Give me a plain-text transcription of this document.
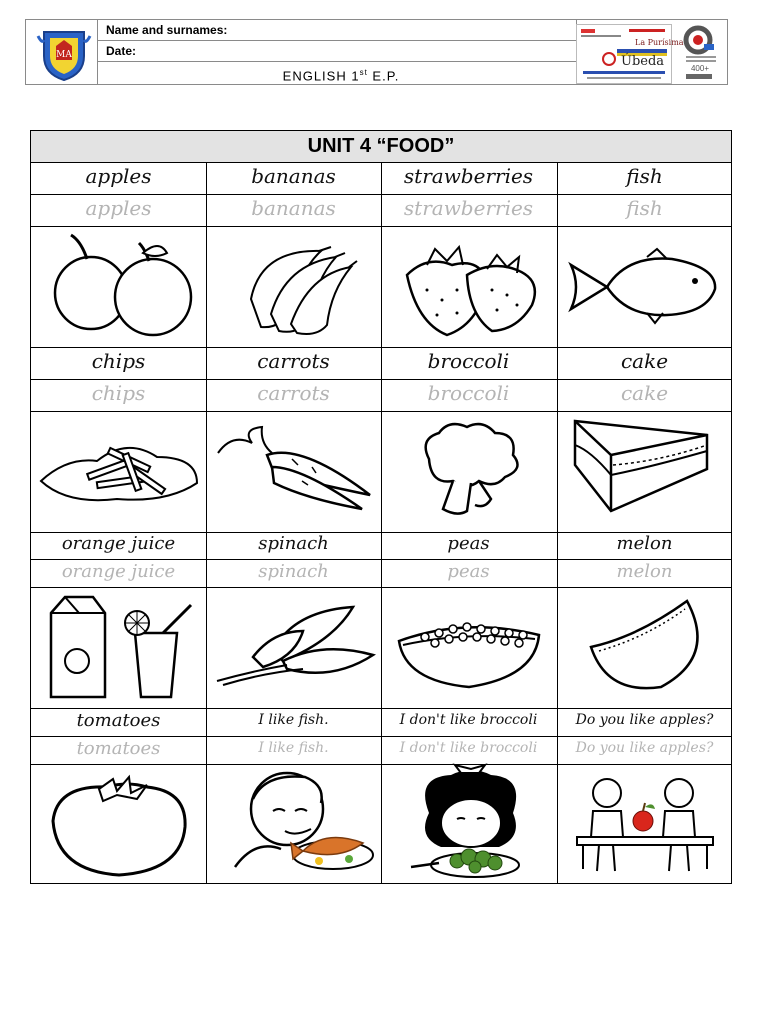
MA
Name and surnames:
Date:
ENGLISH 1st E.P.
La Purísima
Úbeda	400+
UNIT 4 “FOOD”
apples	bananas	strawberries	fish
apples	bananas	strawberries	fish
chips	carrots	broccoli	cake
chips	carrots	broccoli	cake
orange juice	spinach	peas	melon
orange juice	spinach	peas	melon
tomatoes	I like fish.	I don't like broccoli	Do you like apples?
tomatoes	I like fish.	I don't like broccoli	Do you like apples?
